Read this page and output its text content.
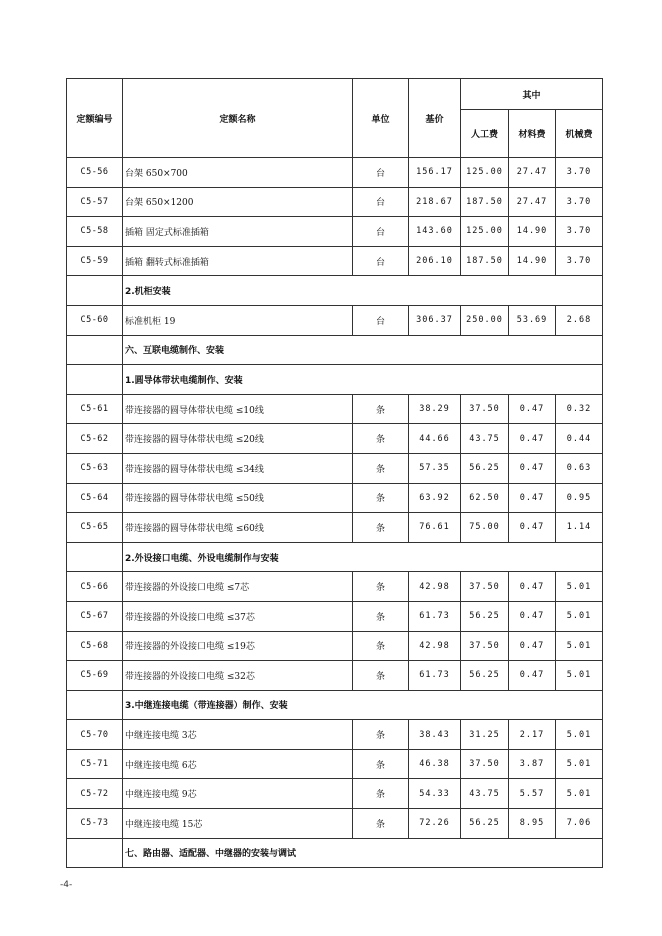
定额编号	定额名称	单位	基价	其中		
				人工费	材料费	机械费
C5-56	台架 650×700	台	156.17	125.00	27.47	3.70
C5-57	台架 650×1200	台	218.67	187.50	27.47	3.70
C5-58	插箱 固定式标准插箱	台	143.60	125.00	14.90	3.70
C5-59	插箱 翻转式标准插箱	台	206.10	187.50	14.90	3.70
	2.机柜安装					
C5-60	标准机柜 19	台	306.37	250.00	53.69	2.68
	六、互联电缆制作、安装					
	1.圆导体带状电缆制作、安装					
C5-61	带连接器的圆导体带状电缆 ≤10线	条	38.29	37.50	0.47	0.32
C5-62	带连接器的圆导体带状电缆 ≤20线	条	44.66	43.75	0.47	0.44
C5-63	带连接器的圆导体带状电缆 ≤34线	条	57.35	56.25	0.47	0.63
C5-64	带连接器的圆导体带状电缆 ≤50线	条	63.92	62.50	0.47	0.95
C5-65	带连接器的圆导体带状电缆 ≤60线	条	76.61	75.00	0.47	1.14
	2.外设接口电缆、外设电缆制作与安装					
C5-66	带连接器的外设接口电缆 ≤7芯	条	42.98	37.50	0.47	5.01
C5-67	带连接器的外设接口电缆 ≤37芯	条	61.73	56.25	0.47	5.01
C5-68	带连接器的外设接口电缆 ≤19芯	条	42.98	37.50	0.47	5.01
C5-69	带连接器的外设接口电缆 ≤32芯	条	61.73	56.25	0.47	5.01
	3.中继连接电缆（带连接器）制作、安装					
C5-70	中继连接电缆 3芯	条	38.43	31.25	2.17	5.01
C5-71	中继连接电缆 6芯	条	46.38	37.50	3.87	5.01
C5-72	中继连接电缆 9芯	条	54.33	43.75	5.57	5.01
C5-73	中继连接电缆 15芯	条	72.26	56.25	8.95	7.06
	七、路由器、适配器、中继器的安装与调试					
-4-
